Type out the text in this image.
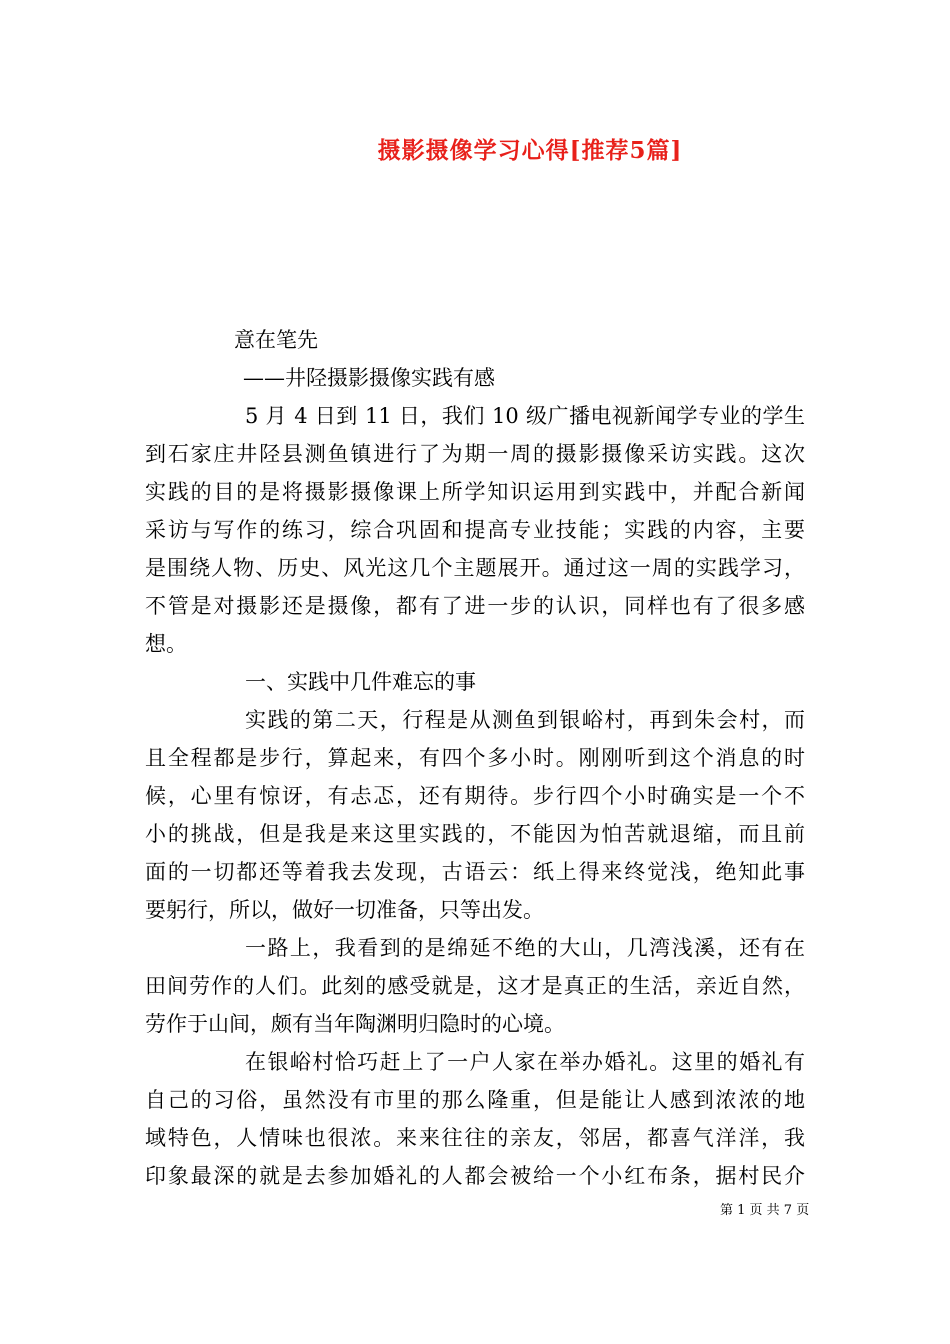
摄影摄像学习心得[推荐5篇]
意在笔先
——井陉摄影摄像实践有感
5 月 4 日到 11 日，我们 10 级广播电视新闻学专业的学生
到石家庄井陉县测鱼镇进行了为期一周的摄影摄像采访实践。这次
实践的目的是将摄影摄像课上所学知识运用到实践中，并配合新闻
采访与写作的练习，综合巩固和提高专业技能；实践的内容，主要
是围绕人物、历史、风光这几个主题展开。通过这一周的实践学习，
不管是对摄影还是摄像，都有了进一步的认识，同样也有了很多感
想。
一、实践中几件难忘的事
实践的第二天，行程是从测鱼到银峪村，再到朱会村，而
且全程都是步行，算起来，有四个多小时。刚刚听到这个消息的时
候，心里有惊讶，有忐忑，还有期待。步行四个小时确实是一个不
小的挑战，但是我是来这里实践的，不能因为怕苦就退缩，而且前
面的一切都还等着我去发现，古语云：纸上得来终觉浅，绝知此事
要躬行，所以，做好一切准备，只等出发。
一路上，我看到的是绵延不绝的大山，几湾浅溪，还有在
田间劳作的人们。此刻的感受就是，这才是真正的生活，亲近自然，
劳作于山间，颇有当年陶渊明归隐时的心境。
在银峪村恰巧赶上了一户人家在举办婚礼。这里的婚礼有
自己的习俗，虽然没有市里的那么隆重，但是能让人感到浓浓的地
域特色，人情味也很浓。来来往往的亲友，邻居，都喜气洋洋，我
印象最深的就是去参加婚礼的人都会被给一个小红布条，据村民介
第 1 页 共 7 页
